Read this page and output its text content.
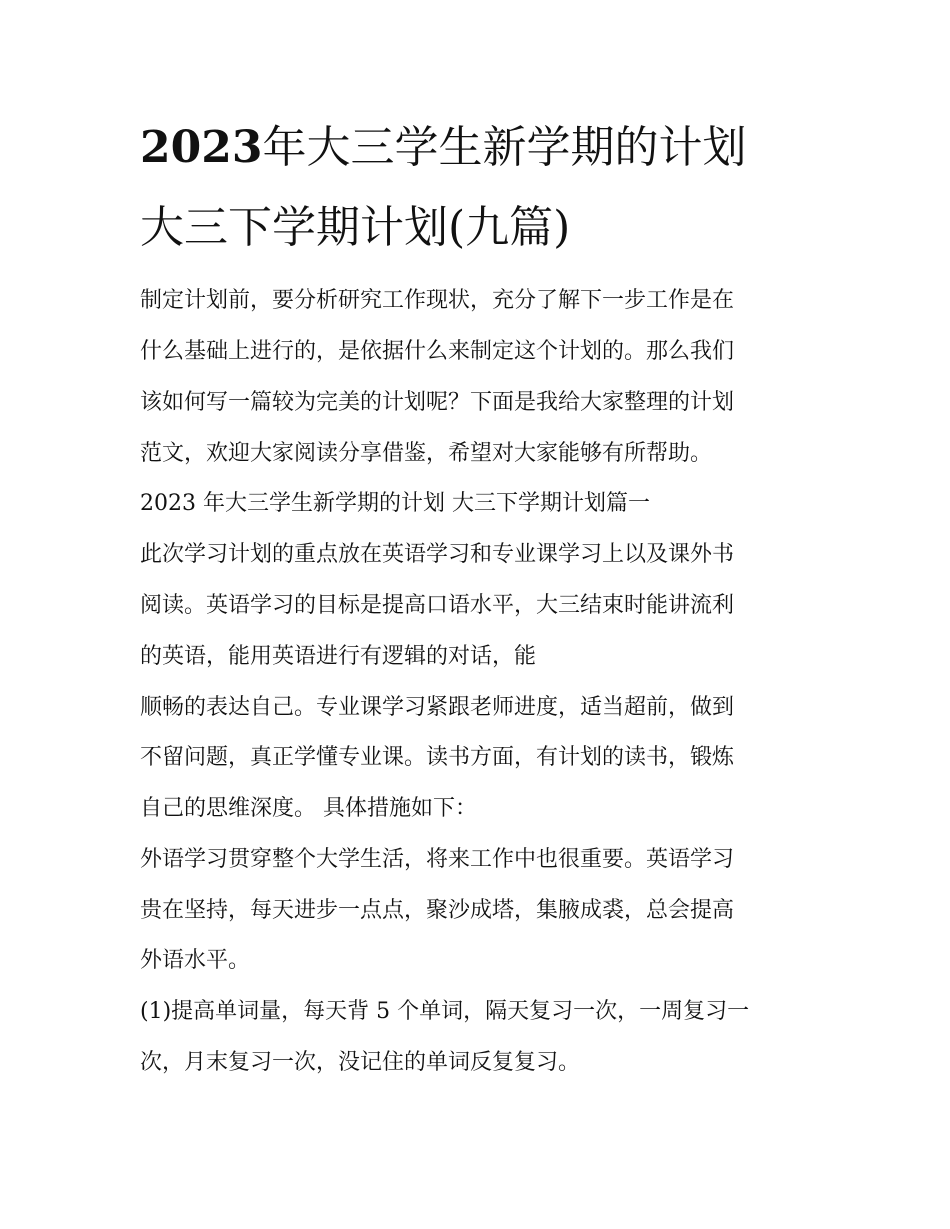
2023年大三学生新学期的计划
大三下学期计划(九篇)
制定计划前，要分析研究工作现状，充分了解下一步工作是在
什么基础上进行的，是依据什么来制定这个计划的。那么我们
该如何写一篇较为完美的计划呢？下面是我给大家整理的计划
范文，欢迎大家阅读分享借鉴，希望对大家能够有所帮助。
2023 年大三学生新学期的计划 大三下学期计划篇一
此次学习计划的重点放在英语学习和专业课学习上以及课外书
阅读。英语学习的目标是提高口语水平，大三结束时能讲流利
的英语，能用英语进行有逻辑的对话，能
顺畅的表达自己。专业课学习紧跟老师进度，适当超前，做到
不留问题，真正学懂专业课。读书方面，有计划的读书，锻炼
自己的思维深度。 具体措施如下：
外语学习贯穿整个大学生活，将来工作中也很重要。英语学习
贵在坚持，每天进步一点点，聚沙成塔，集腋成裘，总会提高
外语水平。
(1)提高单词量，每天背 5 个单词，隔天复习一次，一周复习一
次，月末复习一次，没记住的单词反复复习。
